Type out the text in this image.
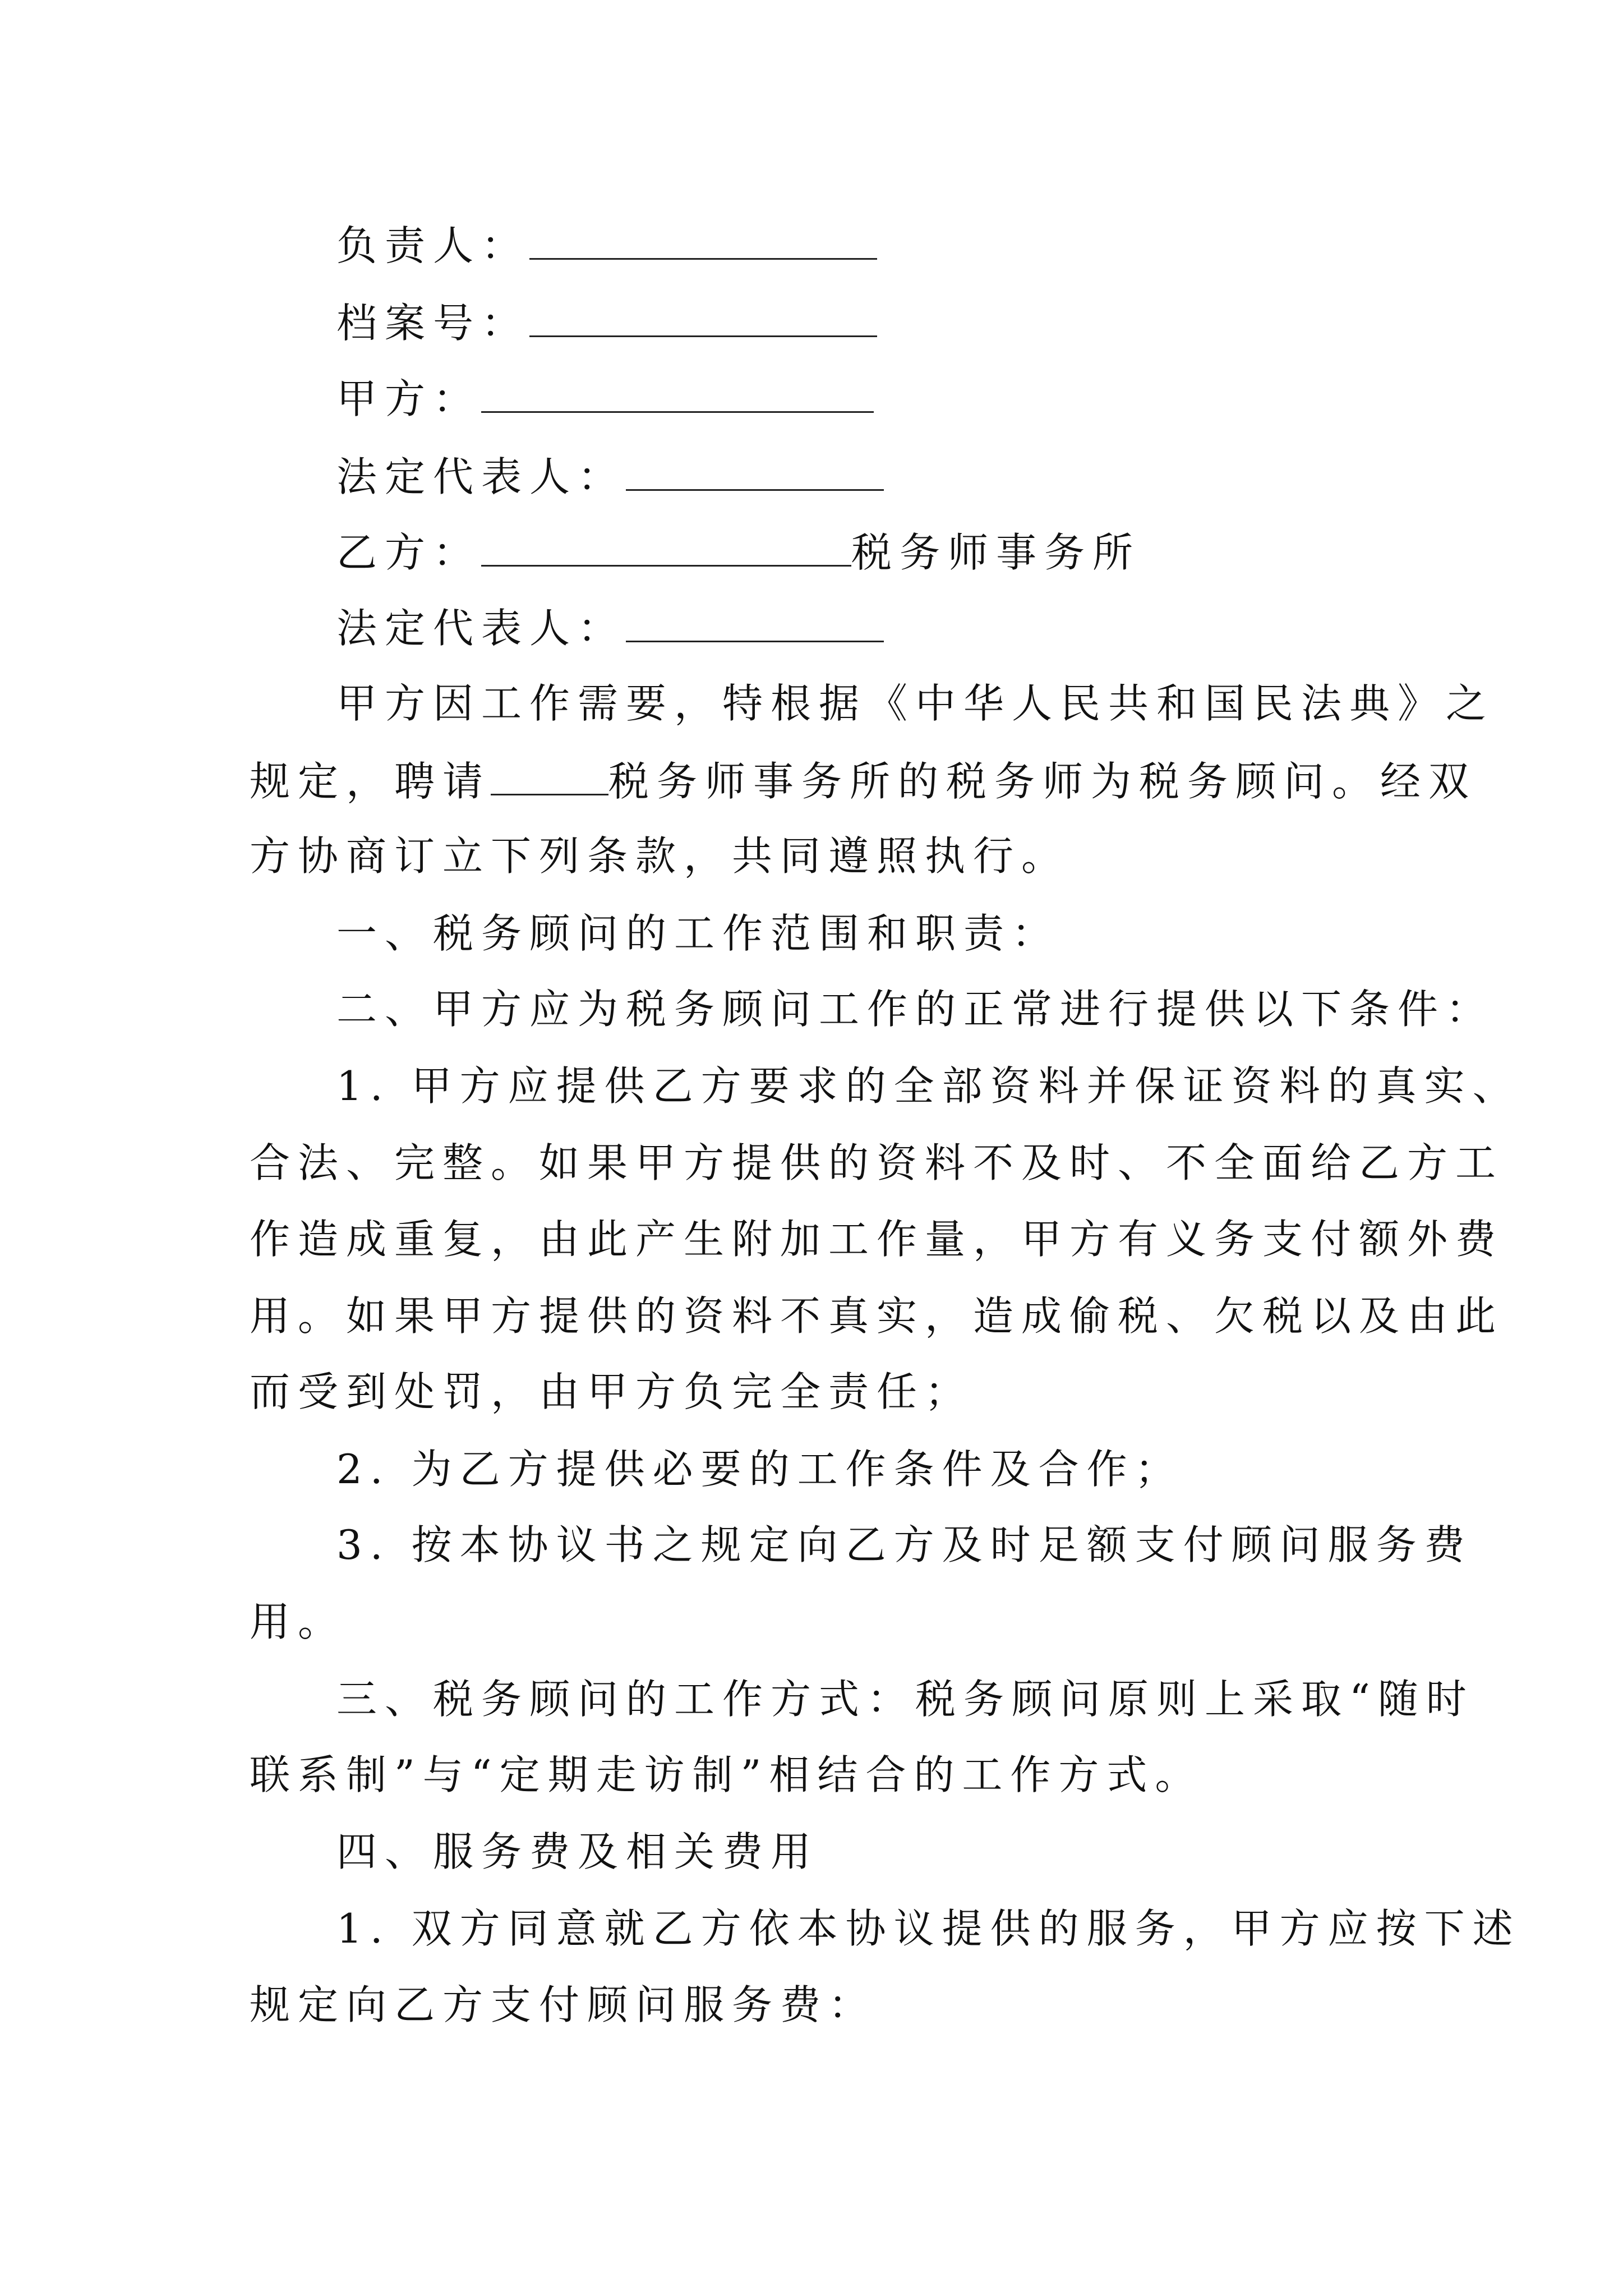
负责人：
档案号：
甲方：
法定代表人：
乙方：	税务师事务所
法定代表人：
甲方因工作需要，特根据《中华人民共和国民法典》之
规定，聘请	税务师事务所的税务师为税务顾问。经双
方协商订立下列条款，共同遵照执行。
一、税务顾问的工作范围和职责：
二、甲方应为税务顾问工作的正常进行提供以下条件：
1. 甲方应提供乙方要求的全部资料并保证资料的真实、
合法、完整。如果甲方提供的资料不及时、不全面给乙方工
作造成重复，由此产生附加工作量，甲方有义务支付额外费
用。如果甲方提供的资料不真实，造成偷税、欠税以及由此
而受到处罚，由甲方负完全责任；
2. 为乙方提供必要的工作条件及合作；
3. 按本协议书之规定向乙方及时足额支付顾问服务费
用。
三、税务顾问的工作方式：税务顾问原则上采取“随时
联系制”与“定期走访制”相结合的工作方式。
四、服务费及相关费用
1. 双方同意就乙方依本协议提供的服务，甲方应按下述
规定向乙方支付顾问服务费：
